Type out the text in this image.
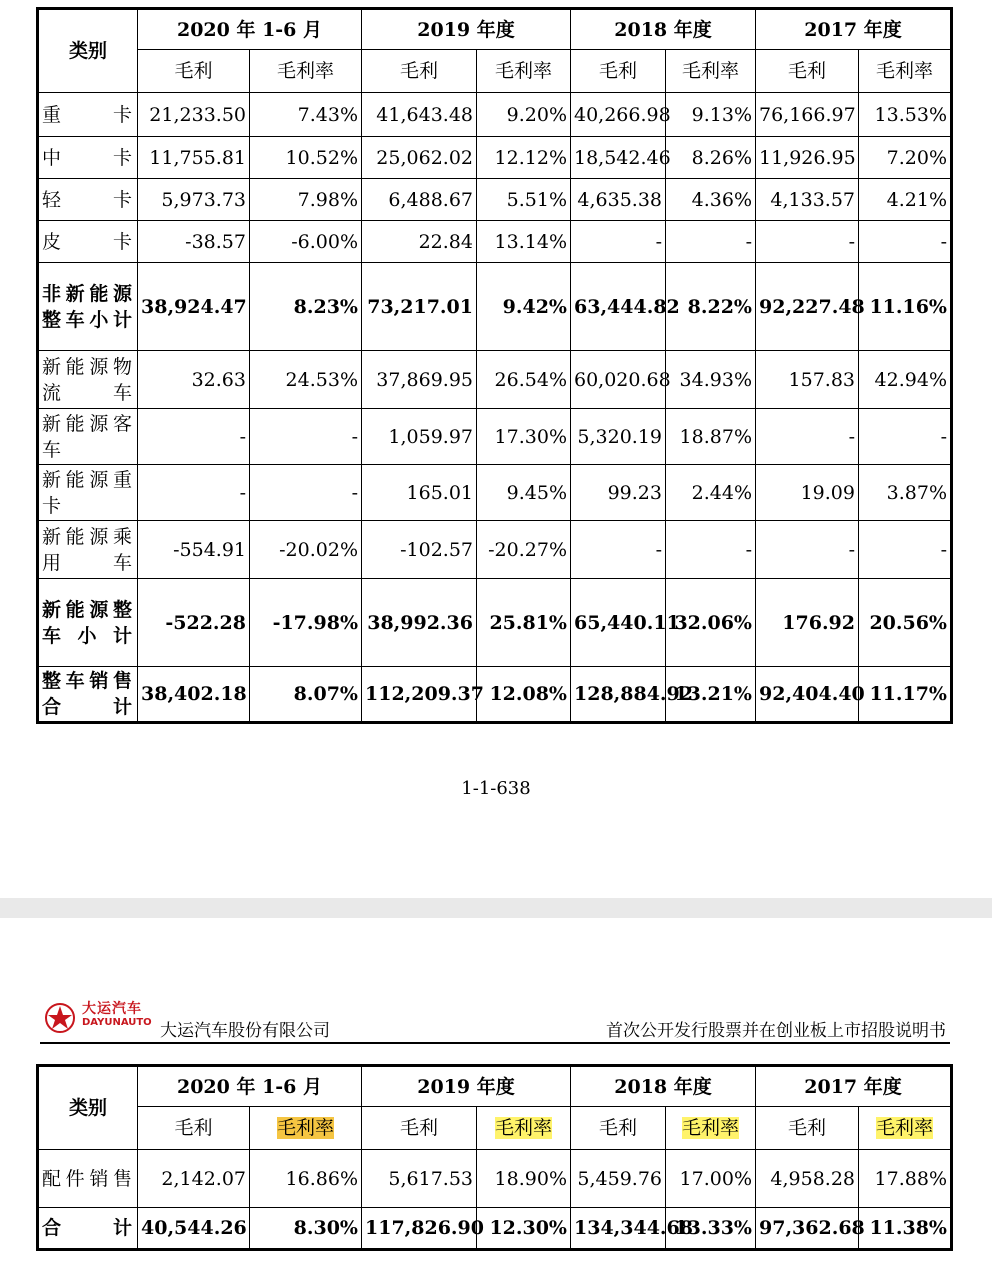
类别	2020 年 1-6 月		2019 年度		2018 年度		2017 年度	
	毛利	毛利率	毛利	毛利率	毛利	毛利率	毛利	毛利率
重卡	21,233.50	7.43%	41,643.48	9.20%	40,266.98	9.13%	76,166.97	13.53%
中卡	11,755.81	10.52%	25,062.02	12.12%	18,542.46	8.26%	11,926.95	7.20%
轻卡	5,973.73	7.98%	6,488.67	5.51%	4,635.38	4.36%	4,133.57	4.21%
皮卡	-38.57	-6.00%	22.84	13.14%	-	-	-	-
非新能源整车小计	38,924.47	8.23%	73,217.01	9.42%	63,444.82	8.22%	92,227.48	11.16%
新能源物流车	32.63	24.53%	37,869.95	26.54%	60,020.68	34.93%	157.83	42.94%
新能源客车	-	-	1,059.97	17.30%	5,320.19	18.87%	-	-
新能源重卡	-	-	165.01	9.45%	99.23	2.44%	19.09	3.87%
新能源乘用车	-554.91	-20.02%	-102.57	-20.27%	-	-	-	-
新能源整车小计	-522.28	-17.98%	38,992.36	25.81%	65,440.11	32.06%	176.92	20.56%
整车销售合计	38,402.18	8.07%	112,209.37	12.08%	128,884.92	13.21%	92,404.40	11.17%
1-1-638
大运汽车
DAYUNAUTO 大运汽车股份有限公司	首次公开发行股票并在创业板上市招股说明书
类别	2020 年 1-6 月		2019 年度		2018 年度		2017 年度	
	毛利	毛利率	毛利	毛利率	毛利	毛利率	毛利	毛利率
配件销售	2,142.07	16.86%	5,617.53	18.90%	5,459.76	17.00%	4,958.28	17.88%
合计	40,544.26	8.30%	117,826.90	12.30%	134,344.68	13.33%	97,362.68	11.38%
